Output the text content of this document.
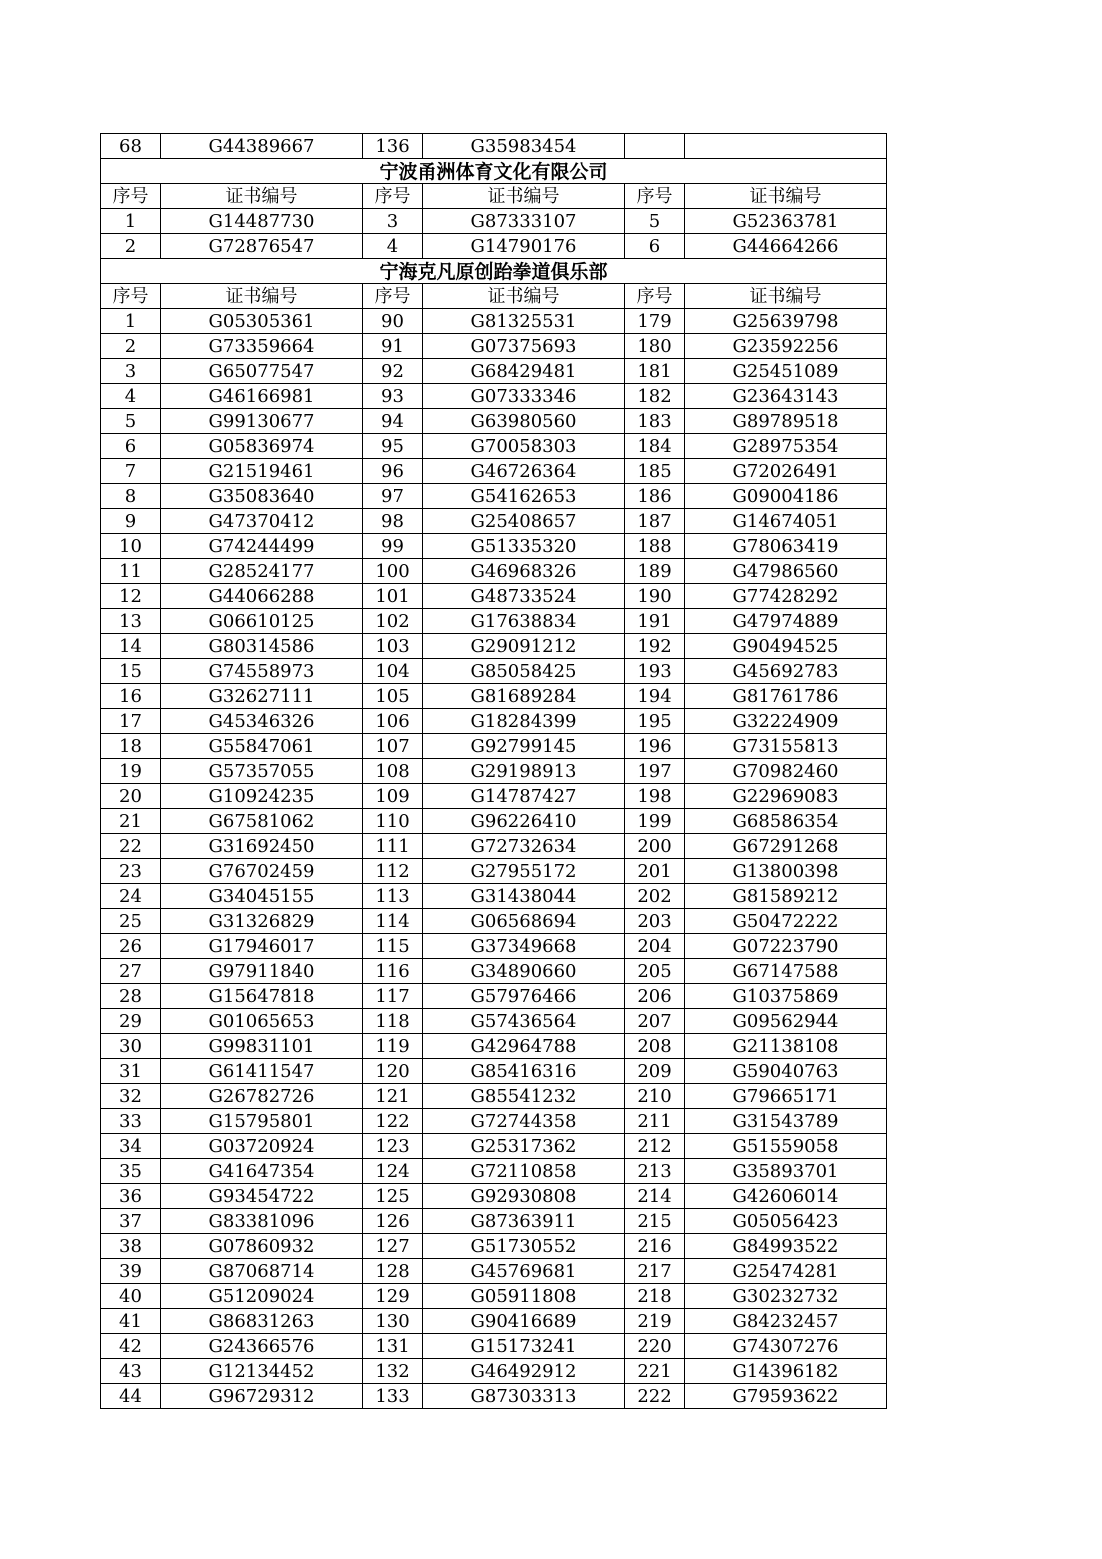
68	G44389667	136	G35983454		
宁波甬洲体育文化有限公司					
序号	证书编号	序号	证书编号	序号	证书编号
1	G14487730	3	G87333107	5	G52363781
2	G72876547	4	G14790176	6	G44664266
宁海克凡原创跆拳道俱乐部					
序号	证书编号	序号	证书编号	序号	证书编号
1	G05305361	90	G81325531	179	G25639798
2	G73359664	91	G07375693	180	G23592256
3	G65077547	92	G68429481	181	G25451089
4	G46166981	93	G07333346	182	G23643143
5	G99130677	94	G63980560	183	G89789518
6	G05836974	95	G70058303	184	G28975354
7	G21519461	96	G46726364	185	G72026491
8	G35083640	97	G54162653	186	G09004186
9	G47370412	98	G25408657	187	G14674051
10	G74244499	99	G51335320	188	G78063419
11	G28524177	100	G46968326	189	G47986560
12	G44066288	101	G48733524	190	G77428292
13	G06610125	102	G17638834	191	G47974889
14	G80314586	103	G29091212	192	G90494525
15	G74558973	104	G85058425	193	G45692783
16	G32627111	105	G81689284	194	G81761786
17	G45346326	106	G18284399	195	G32224909
18	G55847061	107	G92799145	196	G73155813
19	G57357055	108	G29198913	197	G70982460
20	G10924235	109	G14787427	198	G22969083
21	G67581062	110	G96226410	199	G68586354
22	G31692450	111	G72732634	200	G67291268
23	G76702459	112	G27955172	201	G13800398
24	G34045155	113	G31438044	202	G81589212
25	G31326829	114	G06568694	203	G50472222
26	G17946017	115	G37349668	204	G07223790
27	G97911840	116	G34890660	205	G67147588
28	G15647818	117	G57976466	206	G10375869
29	G01065653	118	G57436564	207	G09562944
30	G99831101	119	G42964788	208	G21138108
31	G61411547	120	G85416316	209	G59040763
32	G26782726	121	G85541232	210	G79665171
33	G15795801	122	G72744358	211	G31543789
34	G03720924	123	G25317362	212	G51559058
35	G41647354	124	G72110858	213	G35893701
36	G93454722	125	G92930808	214	G42606014
37	G83381096	126	G87363911	215	G05056423
38	G07860932	127	G51730552	216	G84993522
39	G87068714	128	G45769681	217	G25474281
40	G51209024	129	G05911808	218	G30232732
41	G86831263	130	G90416689	219	G84232457
42	G24366576	131	G15173241	220	G74307276
43	G12134452	132	G46492912	221	G14396182
44	G96729312	133	G87303313	222	G79593622
